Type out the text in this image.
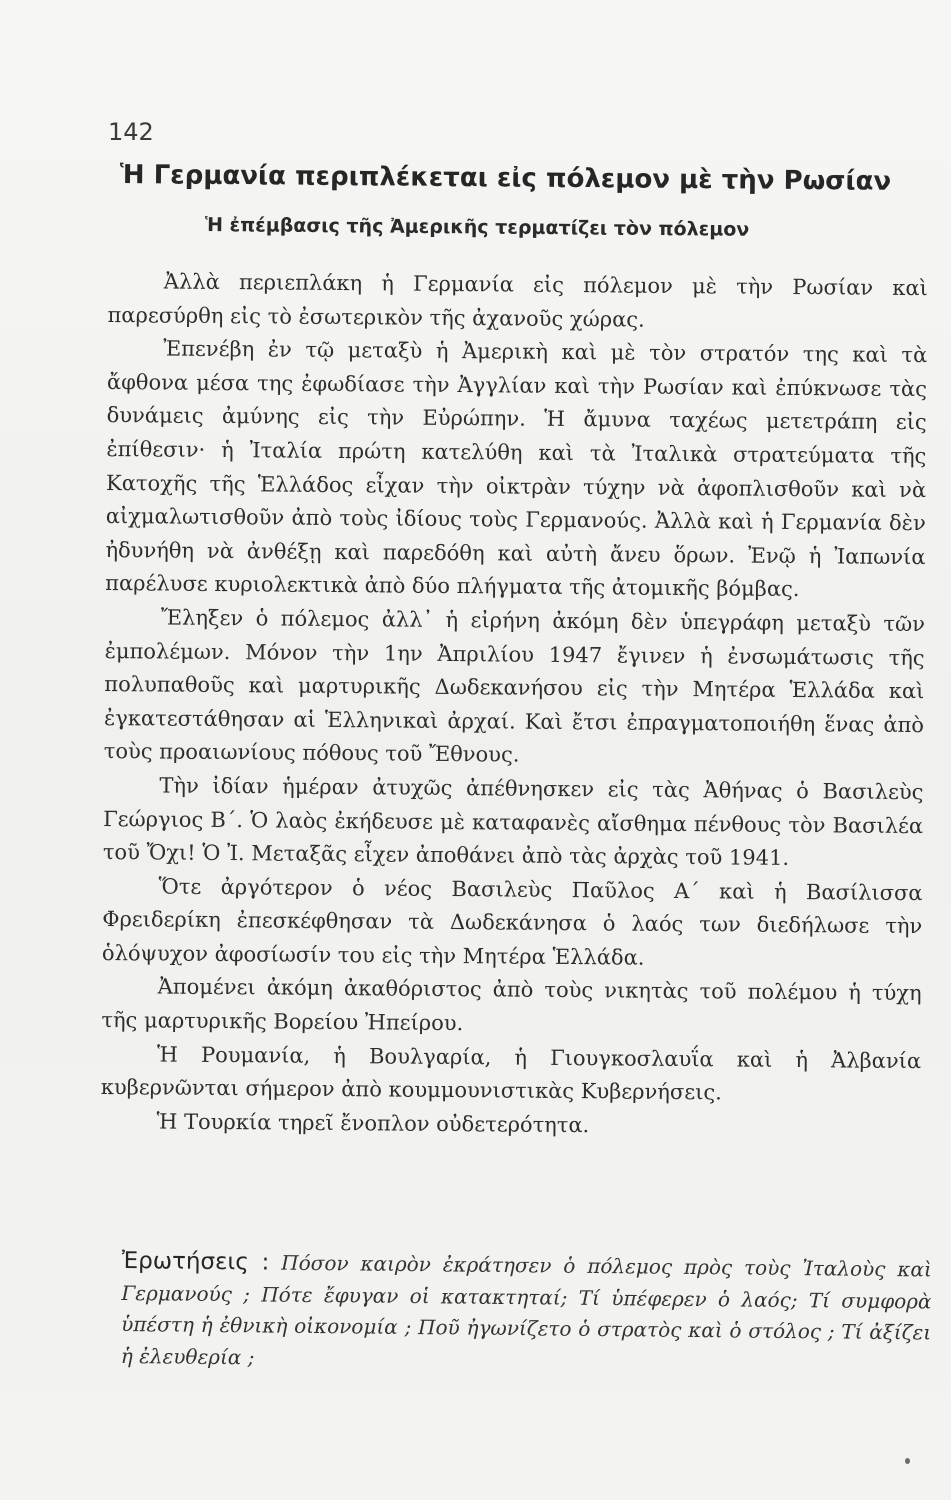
142
Ἡ Γερμανία περιπλέκεται εἰς πόλεμον μὲ τὴν Ρωσίαν
Ἡ ἐπέμβασις τῆς Ἀμερικῆς τερματίζει τὸν πόλεμον

Ἀλλὰ περιεπλάκη ἡ Γερμανία εἰς πόλεμον μὲ τὴν Ρωσίαν καὶ παρεσύρθη εἰς τὸ ἐσωτερικὸν τῆς ἀχανοῦς χώρας.

Ἐπενέβη ἐν τῷ μεταξὺ ἡ Ἀμερικὴ καὶ μὲ τὸν στρατόν της καὶ τὰ ἄφθονα μέσα της ἐφωδίασε τὴν Ἀγγλίαν καὶ τὴν Ρωσίαν καὶ ἐπύκνωσε τὰς δυνάμεις ἀμύνης εἰς τὴν Εὐρώπην. Ἡ ἄμυνα ταχέως μετετράπη εἰς ἐπίθεσιν· ἡ Ἰταλία πρώτη κατελύθη καὶ τὰ Ἰταλικὰ στρατεύματα τῆς Κατοχῆς τῆς Ἑλλάδος εἶχαν τὴν οἰκτρὰν τύχην νὰ ἀφοπλισθοῦν καὶ νὰ αἰχμαλωτισθοῦν ἀπὸ τοὺς ἰδίους τοὺς Γερμανούς. Ἀλλὰ καὶ ἡ Γερμανία δὲν ἠδυνήθη νὰ ἀνθέξῃ καὶ παρεδόθη καὶ αὐτὴ ἄνευ ὅρων. Ἐνῷ ἡ Ἰαπωνία παρέλυσε κυριολεκτικὰ ἀπὸ δύο πλήγματα τῆς ἀτομικῆς βόμβας.

Ἔληξεν ὁ πόλεμος ἀλλ᾽ ἡ εἰρήνη ἀκόμη δὲν ὑπεγράφη μεταξὺ τῶν ἐμπολέμων. Μόνον τὴν 1ην Ἀπριλίου 1947 ἔγινεν ἡ ἐνσωμάτωσις τῆς πολυπαθοῦς καὶ μαρτυρικῆς Δωδεκανήσου εἰς τὴν Μητέρα Ἑλλάδα καὶ ἐγκατεστάθησαν αἱ Ἑλληνικαὶ ἀρχαί. Καὶ ἔτσι ἐπραγματοποιήθη ἕνας ἀπὸ τοὺς προαιωνίους πόθους τοῦ Ἔθνους.

Τὴν ἰδίαν ἡμέραν ἀτυχῶς ἀπέθνησκεν εἰς τὰς Ἀθήνας ὁ Βασιλεὺς Γεώργιος Β΄. Ὁ λαὸς ἐκήδευσε μὲ καταφανὲς αἴσθημα πένθους τὸν Βασιλέα τοῦ Ὄχι! Ὁ Ἰ. Μεταξᾶς εἶχεν ἀποθάνει ἀπὸ τὰς ἀρχὰς τοῦ 1941.

Ὅτε ἀργότερον ὁ νέος Βασιλεὺς Παῦλος Α΄ καὶ ἡ Βασίλισσα Φρειδερίκη ἐπεσκέφθησαν τὰ Δωδεκάνησα ὁ λαός των διεδήλωσε τὴν ὁλόψυχον ἀφοσίωσίν του εἰς τὴν Μητέρα Ἑλλάδα.

Ἀπομένει ἀκόμη ἀκαθόριστος ἀπὸ τοὺς νικητὰς τοῦ πολέμου ἡ τύχη τῆς μαρτυρικῆς Βορείου Ἠπείρου.

Ἡ Ρουμανία, ἡ Βουλγαρία, ἡ Γιουγκοσλαυΐα καὶ ἡ Ἀλβανία κυβερνῶνται σήμερον ἀπὸ κουμμουνιστικὰς Κυβερνήσεις.

Ἡ Τουρκία τηρεῖ ἔνοπλον οὐδετερότητα.

Ἐρωτήσεις : Πόσον καιρὸν ἐκράτησεν ὁ πόλεμος πρὸς τοὺς Ἰταλοὺς καὶ Γερμανούς ; Πότε ἔφυγαν οἱ κατακτηταί; Τί ὑπέφερεν ὁ λαός; Τί συμφορὰ ὑπέστη ἡ ἐθνικὴ οἰκονομία ; Ποῦ ἠγωνίζετο ὁ στρατὸς καὶ ὁ στόλος ; Τί ἀξίζει ἡ ἐλευθερία ;
